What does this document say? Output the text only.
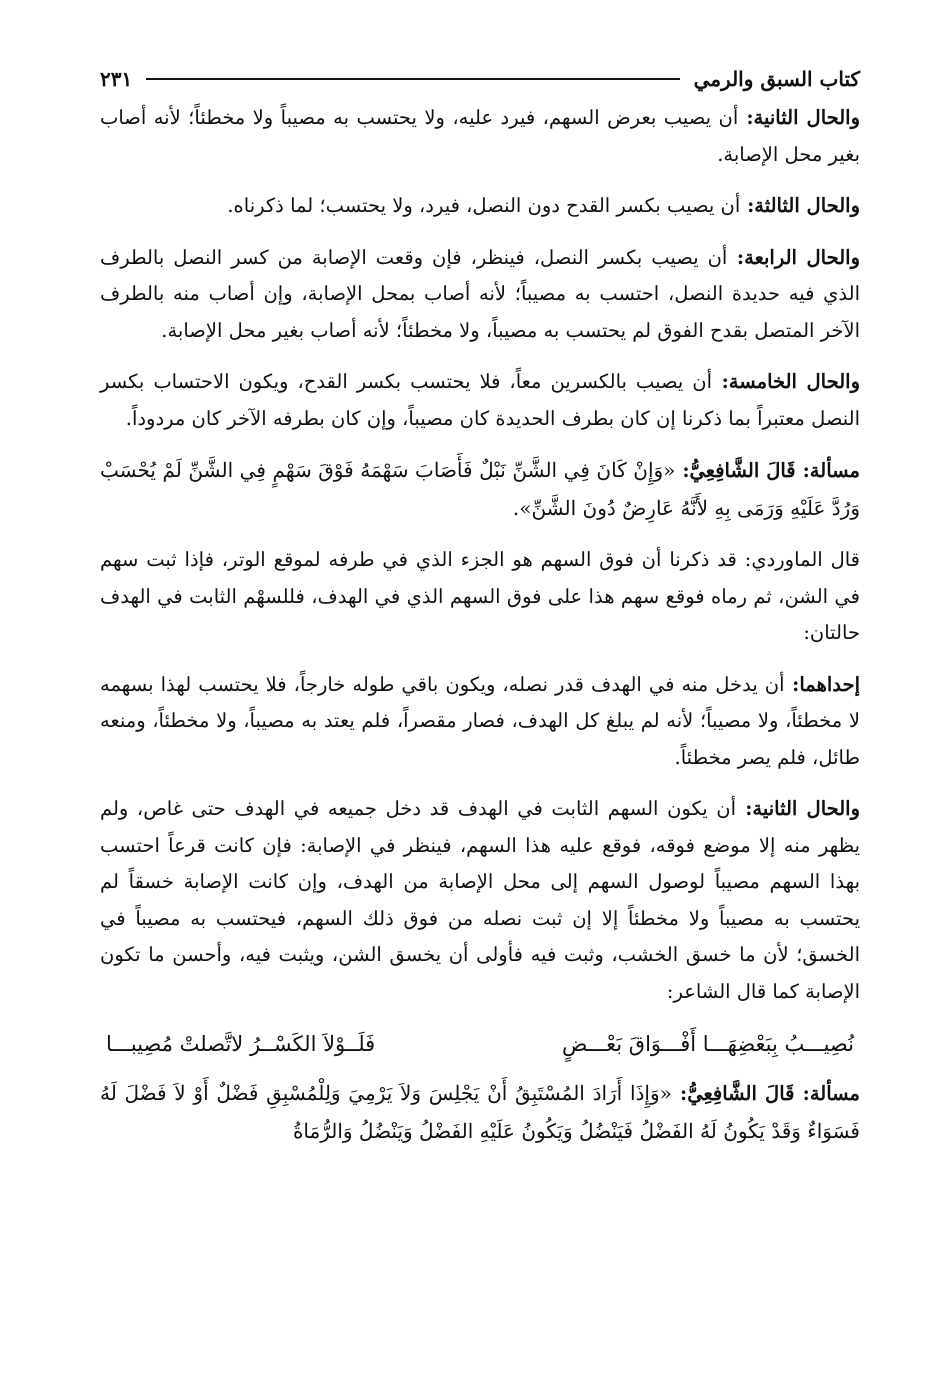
كتاب السبق والرمي
٢٣١

والحال الثانية: أن يصيب بعرض السهم، فيرد عليه، ولا يحتسب به مصيباً ولا مخطئاً؛ لأنه أصاب بغير محل الإصابة.

والحال الثالثة: أن يصيب بكسر القدح دون النصل، فيرد، ولا يحتسب؛ لما ذكرناه.

والحال الرابعة: أن يصيب بكسر النصل، فينظر، فإن وقعت الإصابة من كسر النصل بالطرف الذي فيه حديدة النصل، احتسب به مصيباً؛ لأنه أصاب بمحل الإصابة، وإن أصاب منه بالطرف الآخر المتصل بقدح الفوق لم يحتسب به مصيباً، ولا مخطئاً؛ لأنه أصاب بغير محل الإصابة.

والحال الخامسة: أن يصيب بالكسرين معاً، فلا يحتسب بكسر القدح، ويكون الاحتساب بكسر النصل معتبراً بما ذكرنا إن كان بطرف الحديدة كان مصيباً، وإن كان بطرفه الآخر كان مردوداً.

مسألة: قَالَ الشَّافِعِيُّ: «وَإِنْ كَانَ فِي الشَّنِّ نَبْلٌ فَأَصَابَ سَهْمَهُ فَوْقَ سَهْمٍ فِي الشَّنِّ لَمْ يُحْسَبْ وَرُدَّ عَلَيْهِ وَرَمَى بِهِ لأَنَّهُ عَارِضٌ دُونَ الشَّنِّ».

قال الماوردي: قد ذكرنا أن فوق السهم هو الجزء الذي في طرفه لموقع الوتر، فإذا ثبت سهم في الشن، ثم رماه فوقع سهم هذا على فوق السهم الذي في الهدف، فللسهْم الثابت في الهدف حالتان:

إحداهما: أن يدخل منه في الهدف قدر نصله، ويكون باقي طوله خارجاً، فلا يحتسب لهذا بسهمه لا مخطئاً، ولا مصيباً؛ لأنه لم يبلغ كل الهدف، فصار مقصراً، فلم يعتد به مصيباً، ولا مخطئاً، ومنعه طائل، فلم يصر مخطئاً.

والحال الثانية: أن يكون السهم الثابت في الهدف قد دخل جميعه في الهدف حتى غاص، ولم يظهر منه إلا موضع فوقه، فوقع عليه هذا السهم، فينظر في الإصابة: فإن كانت قرعاً احتسب بهذا السهم مصيباً لوصول السهم إلى محل الإصابة من الهدف، وإن كانت الإصابة خسقاً لم يحتسب به مصيباً ولا مخطئاً إلا إن ثبت نصله من فوق ذلك السهم، فيحتسب به مصيباً في الخسق؛ لأن ما خسق الخشب، وثبت فيه فأولى أن يخسق الشن، ويثبت فيه، وأحسن ما تكون الإصابة كما قال الشاعر:

نُصِيـــبُ بِبَعْضِهَـــا أَفْـــوَاقَ بَعْـــضٍ
فَلَــوْلاَ الكَسْــرُ لاتَّصلتْ مُصِيبـــا

مسألة: قَالَ الشَّافِعِيُّ: «وَإِذَا أَرَادَ المُسْتَبِقُ أَنْ يَجْلِسَ وَلاَ يَرْمِيَ وَلِلْمُسْبِقِ فَضْلٌ أَوْ لاَ فَضْلَ لَهُ فَسَوَاءٌ وَقَدْ يَكُونُ لَهُ الفَضْلُ فَيَنْضُلُ وَيَكُونُ عَلَيْهِ الفَضْلُ وَيَنْضُلُ وَالرُّمَاةُ
